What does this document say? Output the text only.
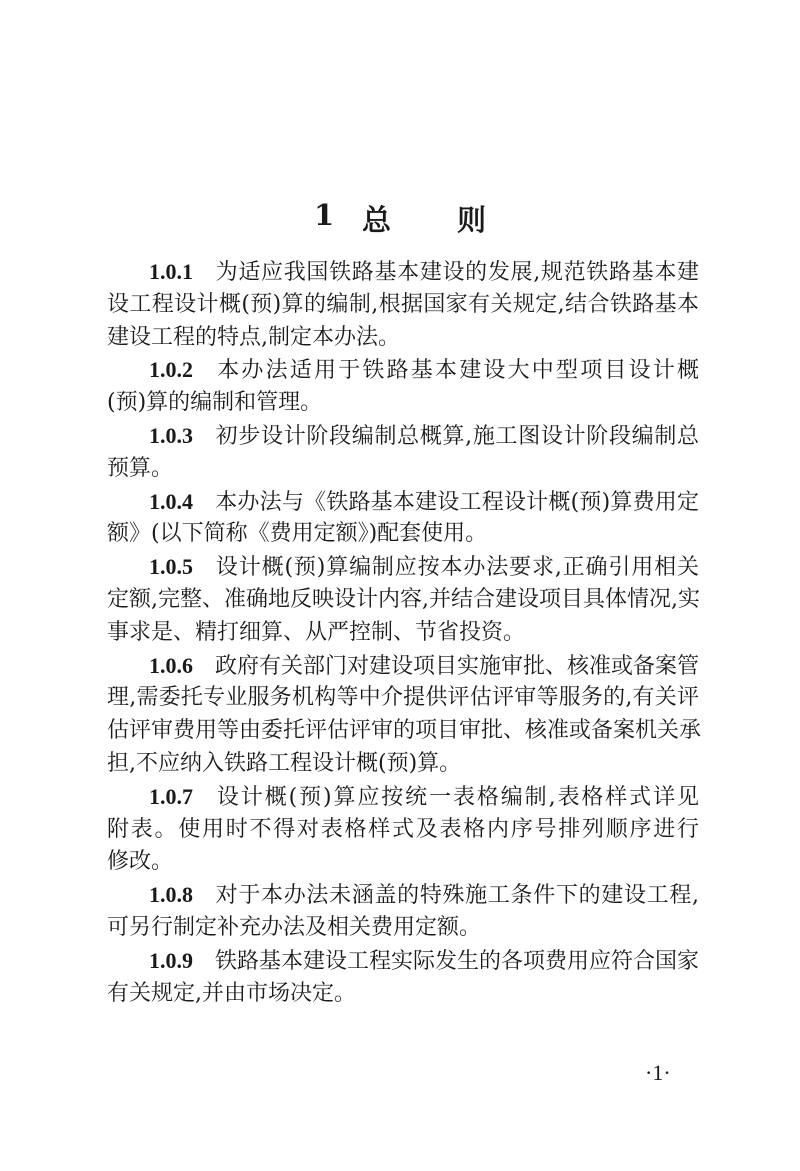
1 总 则
1.0.1 为适应我国铁路基本建设的发展,规范铁路基本建
设工程设计概(预)算的编制,根据国家有关规定,结合铁路基本
建设工程的特点,制定本办法。
1.0.2 本办法适用于铁路基本建设大中型项目设计概
(预)算的编制和管理。
1.0.3 初步设计阶段编制总概算,施工图设计阶段编制总
预算。
1.0.4 本办法与《铁路基本建设工程设计概(预)算费用定
额》(以下简称《费用定额》)配套使用。
1.0.5 设计概(预)算编制应按本办法要求,正确引用相关
定额,完整、准确地反映设计内容,并结合建设项目具体情况,实
事求是、精打细算、从严控制、节省投资。
1.0.6 政府有关部门对建设项目实施审批、核准或备案管
理,需委托专业服务机构等中介提供评估评审等服务的,有关评
估评审费用等由委托评估评审的项目审批、核准或备案机关承
担,不应纳入铁路工程设计概(预)算。
1.0.7 设计概(预)算应按统一表格编制,表格样式详见
附表。使用时不得对表格样式及表格内序号排列顺序进行
修改。
1.0.8 对于本办法未涵盖的特殊施工条件下的建设工程,
可另行制定补充办法及相关费用定额。
1.0.9 铁路基本建设工程实际发生的各项费用应符合国家
有关规定,并由市场决定。
·1·
